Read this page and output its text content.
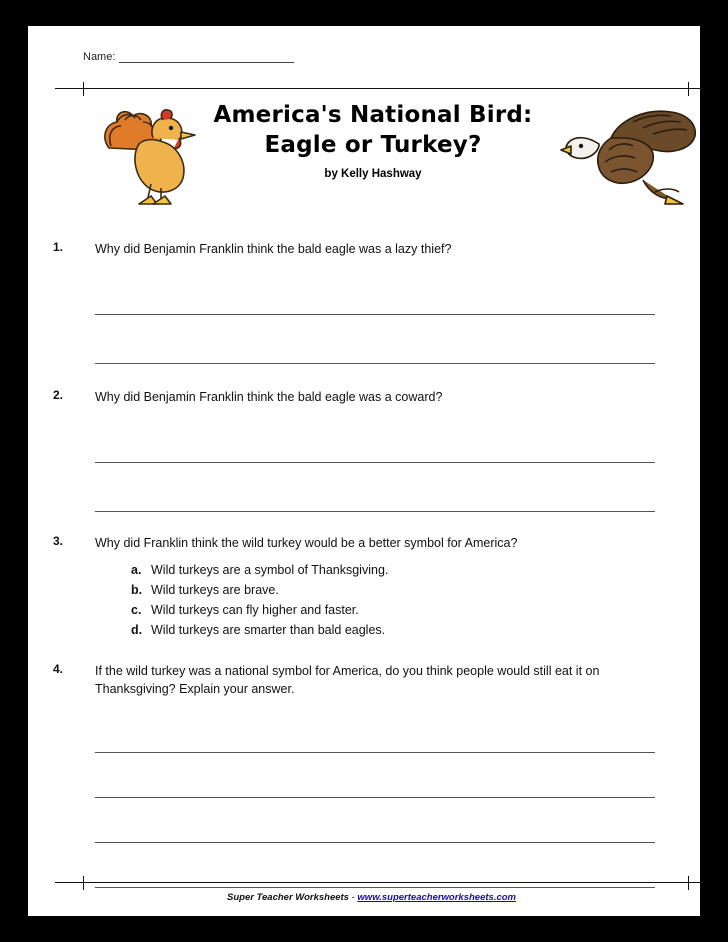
Name:
America's National Bird:
Eagle or Turkey?
by Kelly Hashway
1.	Why did Benjamin Franklin think the bald eagle was a lazy thief?
2.	Why did Benjamin Franklin think the bald eagle was a coward?
3.	Why did Franklin think the wild turkey would be a better symbol for America?
a. Wild turkeys are a symbol of Thanksgiving.
b. Wild turkeys are brave.
c. Wild turkeys can fly higher and faster.
d. Wild turkeys are smarter than bald eagles.
4.	If the wild turkey was a national symbol for America, do you think people would still eat it on Thanksgiving? Explain your answer.
Super Teacher Worksheets - www.superteacherworksheets.com
